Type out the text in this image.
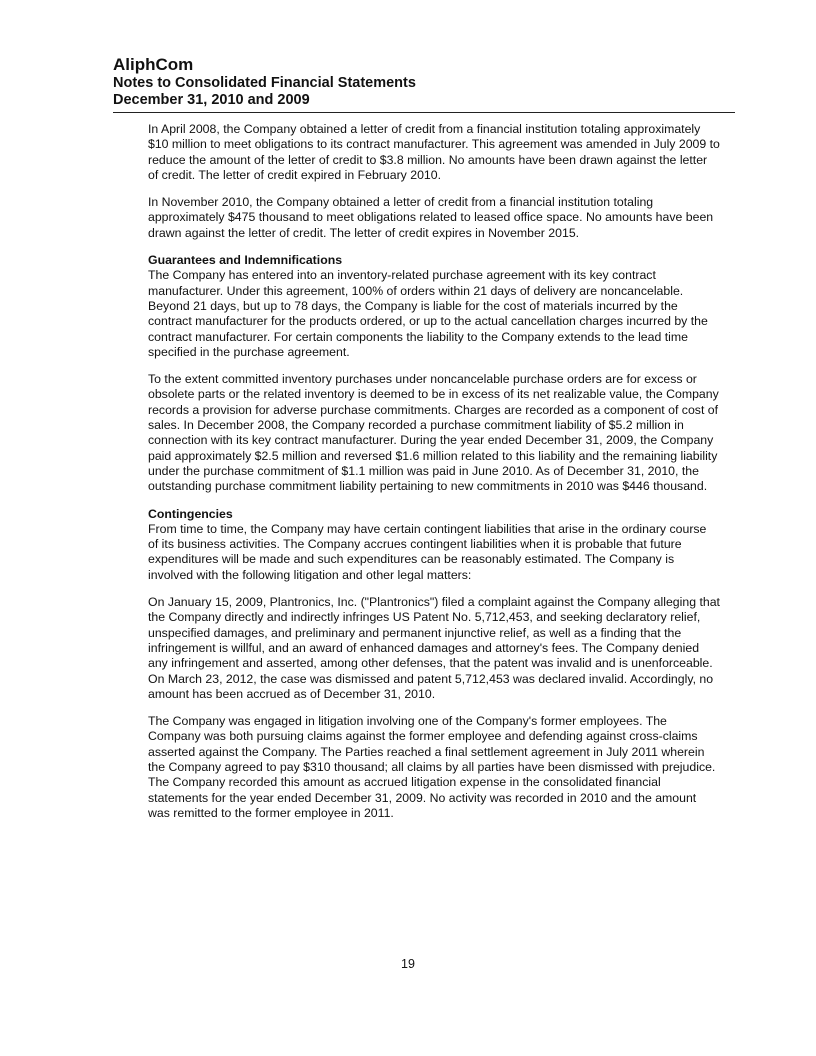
AliphCom
Notes to Consolidated Financial Statements
December 31, 2010 and 2009

In April 2008, the Company obtained a letter of credit from a financial institution totaling approximately $10 million to meet obligations to its contract manufacturer. This agreement was amended in July 2009 to reduce the amount of the letter of credit to $3.8 million. No amounts have been drawn against the letter of credit. The letter of credit expired in February 2010.

In November 2010, the Company obtained a letter of credit from a financial institution totaling approximately $475 thousand to meet obligations related to leased office space. No amounts have been drawn against the letter of credit. The letter of credit expires in November 2015.

Guarantees and Indemnifications

The Company has entered into an inventory-related purchase agreement with its key contract manufacturer. Under this agreement, 100% of orders within 21 days of delivery are noncancelable. Beyond 21 days, but up to 78 days, the Company is liable for the cost of materials incurred by the contract manufacturer for the products ordered, or up to the actual cancellation charges incurred by the contract manufacturer. For certain components the liability to the Company extends to the lead time specified in the purchase agreement.

To the extent committed inventory purchases under noncancelable purchase orders are for excess or obsolete parts or the related inventory is deemed to be in excess of its net realizable value, the Company records a provision for adverse purchase commitments. Charges are recorded as a component of cost of sales. In December 2008, the Company recorded a purchase commitment liability of $5.2 million in connection with its key contract manufacturer. During the year ended December 31, 2009, the Company paid approximately $2.5 million and reversed $1.6 million related to this liability and the remaining liability under the purchase commitment of $1.1 million was paid in June 2010. As of December 31, 2010, the outstanding purchase commitment liability pertaining to new commitments in 2010 was $446 thousand.

Contingencies

From time to time, the Company may have certain contingent liabilities that arise in the ordinary course of its business activities. The Company accrues contingent liabilities when it is probable that future expenditures will be made and such expenditures can be reasonably estimated. The Company is involved with the following litigation and other legal matters:

On January 15, 2009, Plantronics, Inc. ("Plantronics") filed a complaint against the Company alleging that the Company directly and indirectly infringes US Patent No. 5,712,453, and seeking declaratory relief, unspecified damages, and preliminary and permanent injunctive relief, as well as a finding that the infringement is willful, and an award of enhanced damages and attorney's fees. The Company denied any infringement and asserted, among other defenses, that the patent was invalid and is unenforceable. On March 23, 2012, the case was dismissed and patent 5,712,453 was declared invalid. Accordingly, no amount has been accrued as of December 31, 2010.

The Company was engaged in litigation involving one of the Company's former employees. The Company was both pursuing claims against the former employee and defending against cross-claims asserted against the Company. The Parties reached a final settlement agreement in July 2011 wherein the Company agreed to pay $310 thousand; all claims by all parties have been dismissed with prejudice. The Company recorded this amount as accrued litigation expense in the consolidated financial statements for the year ended December 31, 2009. No activity was recorded in 2010 and the amount was remitted to the former employee in 2011.

19
